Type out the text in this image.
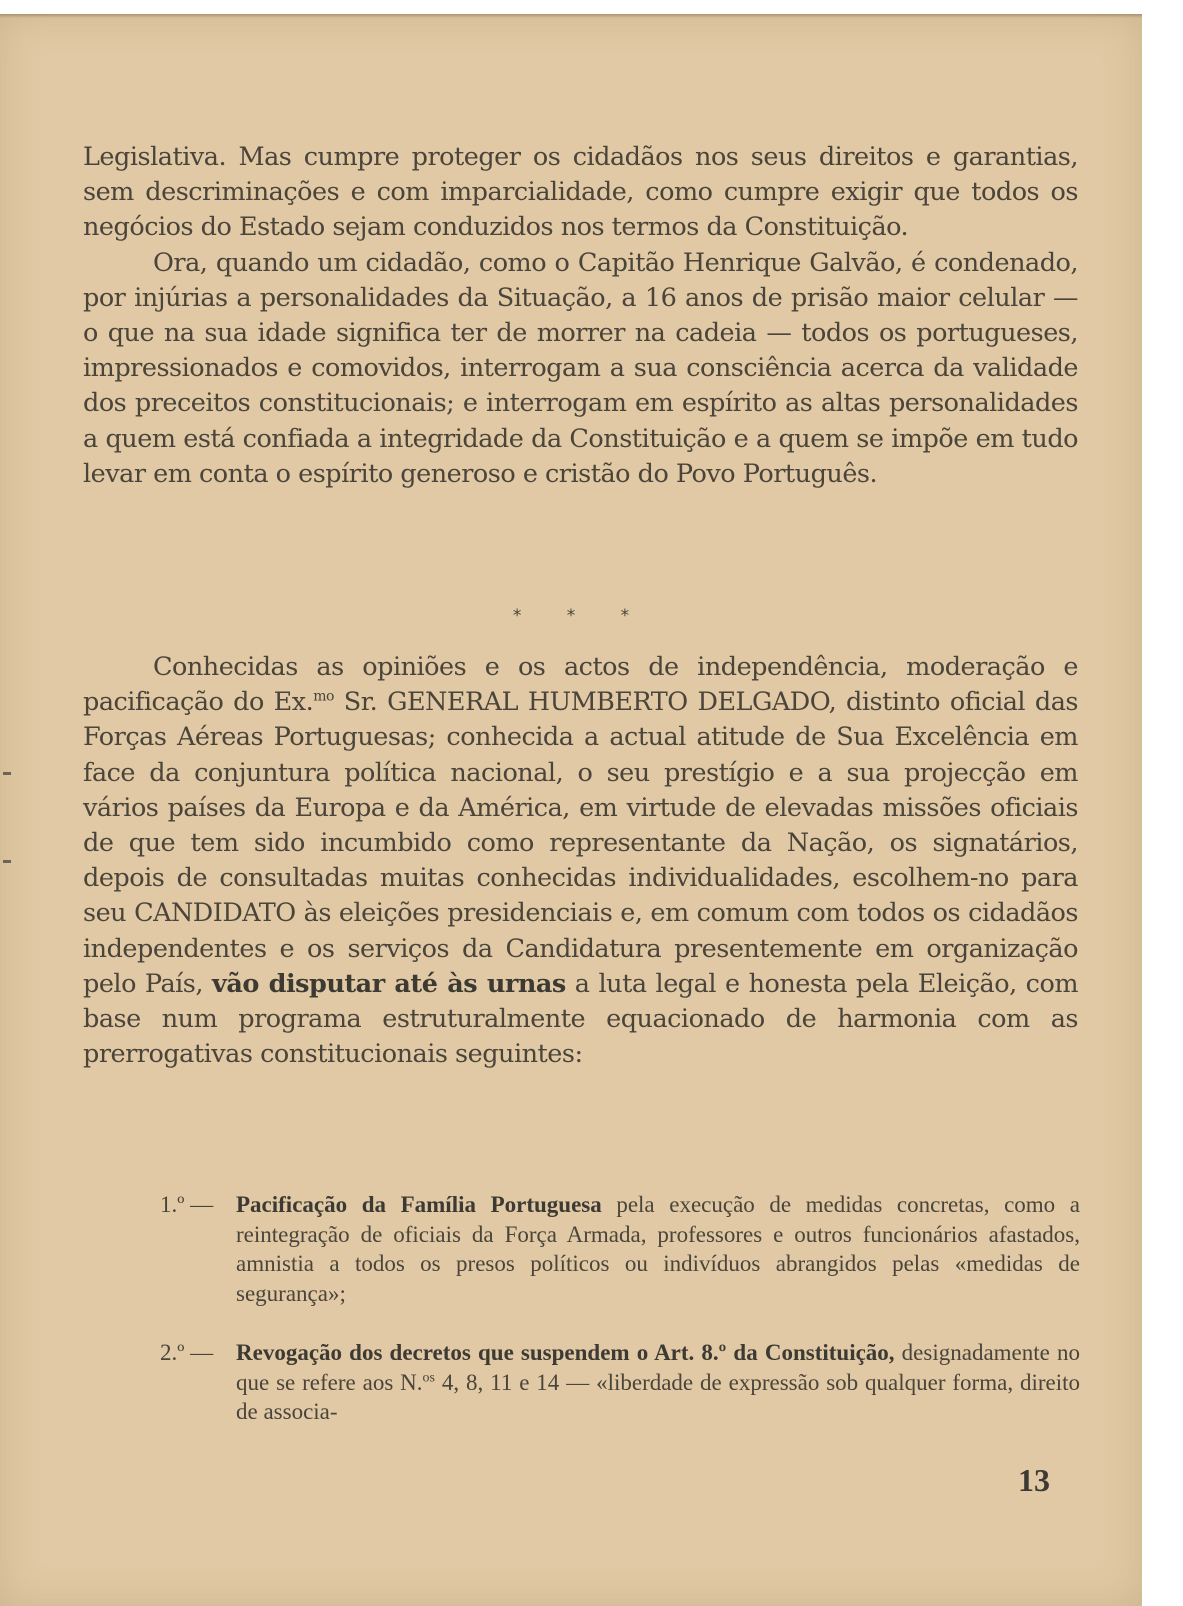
Legislativa. Mas cumpre proteger os cidadãos nos seus direitos e garantias, sem descriminações e com imparcialidade, como cumpre exigir que todos os negócios do Estado sejam conduzidos nos termos da Constituição.

Ora, quando um cidadão, como o Capitão Henrique Galvão, é condenado, por injúrias a personalidades da Situação, a 16 anos de prisão maior celular — o que na sua idade significa ter de morrer na cadeia — todos os portugueses, impressionados e comovidos, interrogam a sua consciência acerca da validade dos preceitos constitucionais; e interrogam em espírito as altas personalidades a quem está confiada a integridade da Constituição e a quem se impõe em tudo levar em conta o espírito generoso e cristão do Povo Português.

* * *

Conhecidas as opiniões e os actos de independência, moderação e pacificação do Ex.$^{mo}$ Sr. GENERAL HUMBERTO DELGADO, distinto oficial das Forças Aéreas Portuguesas; conhecida a actual atitude de Sua Excelência em face da conjuntura política nacional, o seu prestígio e a sua projecção em vários países da Europa e da América, em virtude de elevadas missões oficiais de que tem sido incumbido como representante da Nação, os signatários, depois de consultadas muitas conhecidas individualidades, escolhem-no para seu CANDIDATO às eleições presidenciais e, em comum com todos os cidadãos independentes e os serviços da Candidatura presentemente em organização pelo País, vão disputar até às urnas a luta legal e honesta pela Eleição, com base num programa estruturalmente equacionado de harmonia com as prerrogativas constitucionais seguintes:

1.º — Pacificação da Família Portuguesa pela execução de medidas concretas, como a reintegração de oficiais da Força Armada, professores e outros funcionários afastados, amnistia a todos os presos políticos ou indivíduos abrangidos pelas «medidas de segurança»;
2.º — Revogação dos decretos que suspendem o Art. 8.º da Constituição, designadamente no que se refere aos N.$^{os}$ 4, 8, 11 e 14 — «liberdade de expressão sob qualquer forma, direito de associa-
13
